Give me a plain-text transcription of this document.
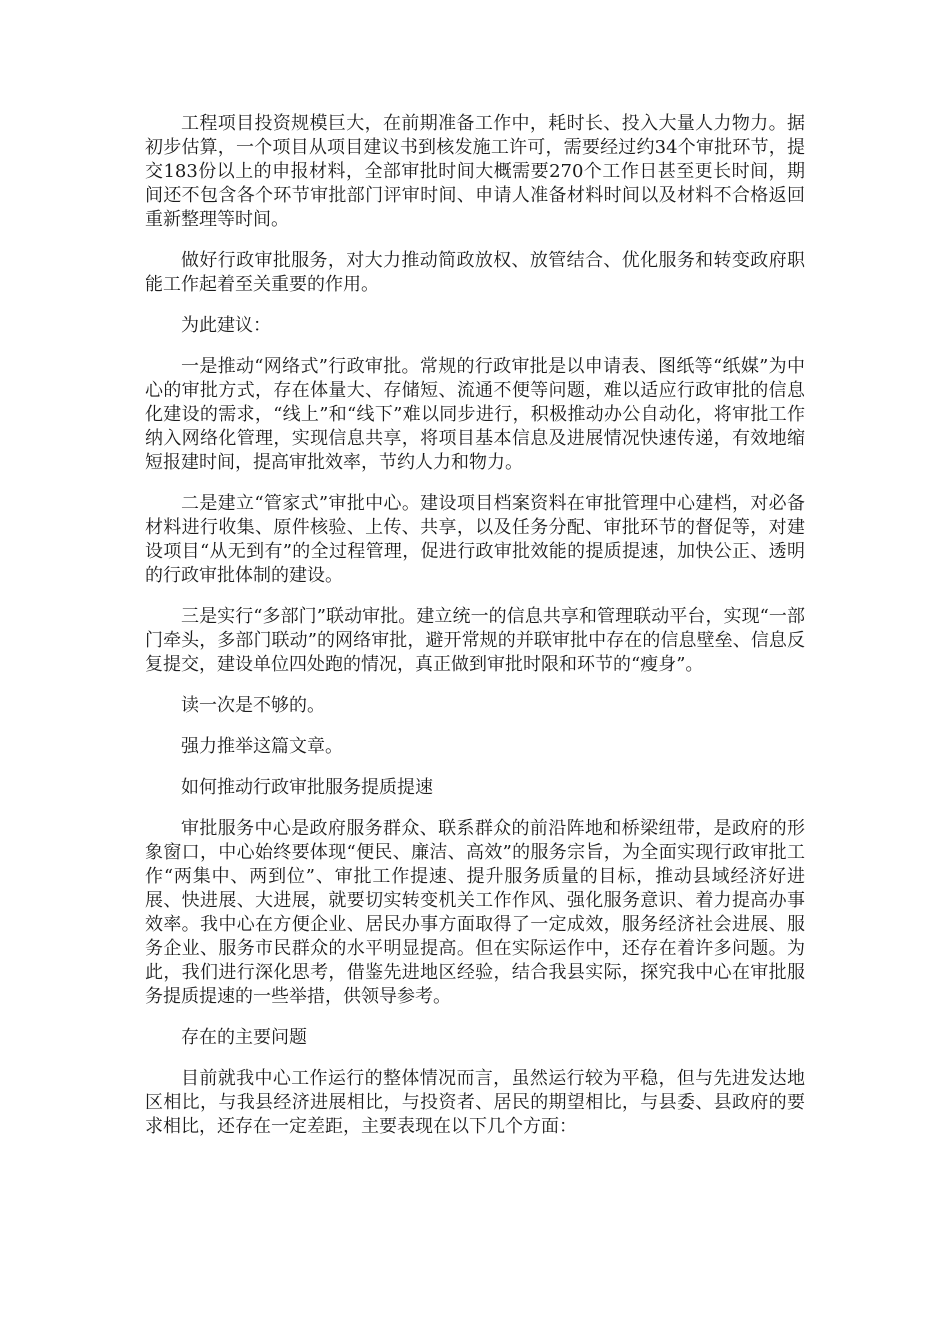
工程项目投资规模巨大，在前期准备工作中，耗时长、投入大量人力物力。据初步估算，一个项目从项目建议书到核发施工许可，需要经过约34个审批环节，提交183份以上的申报材料，全部审批时间大概需要270个工作日甚至更长时间，期间还不包含各个环节审批部门评审时间、申请人准备材料时间以及材料不合格返回重新整理等时间。

做好行政审批服务，对大力推动简政放权、放管结合、优化服务和转变政府职能工作起着至关重要的作用。

为此建议：

一是推动“网络式”行政审批。常规的行政审批是以申请表、图纸等“纸媒”为中心的审批方式，存在体量大、存储短、流通不便等问题，难以适应行政审批的信息化建设的需求，“线上”和“线下”难以同步进行，积极推动办公自动化，将审批工作纳入网络化管理，实现信息共享，将项目基本信息及进展情况快速传递，有效地缩短报建时间，提高审批效率，节约人力和物力。

二是建立“管家式”审批中心。建设项目档案资料在审批管理中心建档，对必备材料进行收集、原件核验、上传、共享，以及任务分配、审批环节的督促等，对建设项目“从无到有”的全过程管理，促进行政审批效能的提质提速，加快公正、透明的行政审批体制的建设。

三是实行“多部门”联动审批。建立统一的信息共享和管理联动平台，实现“一部门牵头，多部门联动”的网络审批，避开常规的并联审批中存在的信息壁垒、信息反复提交，建设单位四处跑的情况，真正做到审批时限和环节的“瘦身”。

读一次是不够的。

强力推举这篇文章。

如何推动行政审批服务提质提速

审批服务中心是政府服务群众、联系群众的前沿阵地和桥梁纽带，是政府的形象窗口，中心始终要体现“便民、廉洁、高效”的服务宗旨，为全面实现行政审批工作“两集中、两到位”、审批工作提速、提升服务质量的目标，推动县域经济好进展、快进展、大进展，就要切实转变机关工作作风、强化服务意识、着力提高办事效率。我中心在方便企业、居民办事方面取得了一定成效，服务经济社会进展、服务企业、服务市民群众的水平明显提高。但在实际运作中，还存在着许多问题。为此，我们进行深化思考，借鉴先进地区经验，结合我县实际，探究我中心在审批服务提质提速的一些举措，供领导参考。

存在的主要问题

目前就我中心工作运行的整体情况而言，虽然运行较为平稳，但与先进发达地区相比，与我县经济进展相比，与投资者、居民的期望相比，与县委、县政府的要求相比，还存在一定差距，主要表现在以下几个方面：
